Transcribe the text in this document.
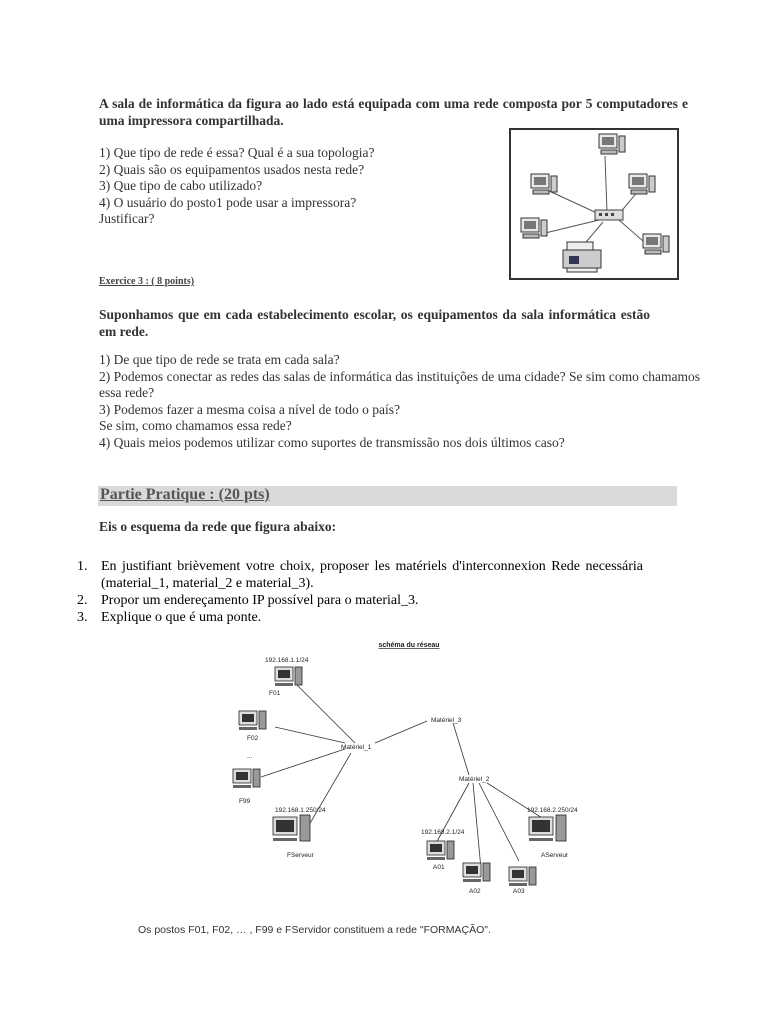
A sala de informática da figura ao lado está equipada com uma rede composta por 5 computadores e uma impressora compartilhada.
1) Que tipo de rede é essa? Qual é a sua topologia?
2) Quais são os equipamentos usados nesta rede?
3) Que tipo de cabo utilizado?
4) O usuário do posto1 pode usar a impressora?
Justificar?
Exercice 3 : ( 8 points)
Suponhamos que em cada estabelecimento escolar, os equipamentos da sala informática estão em rede.
1) De que tipo de rede se trata em cada sala?
2) Podemos conectar as redes das salas de informática das instituições de uma cidade? Se sim como chamamos essa rede?
3) Podemos fazer a mesma coisa a nível de todo o país?
Se sim, como chamamos essa rede?
4) Quais meios podemos utilizar como suportes de transmissão nos dois últimos caso?
Partie Pratique : (20 pts)
Eis o esquema da rede que figura abaixo:
1. En justifiant brièvement votre choix, proposer les matériels d'interconnexion Rede necessária (material_1, material_2 e material_3).
2. Propor um endereçamento IP possível para o material_3.
3. Explique o que é uma ponte.
schéma du réseau
192.168.1.1/24
F01
F02
...
F99
192.168.1.250/24
FServeur
Matériel_1
Matériel_3
Matériel_2
192.168.2.250/24
AServeur
192.168.2.1/24
A01
A02	A03
Os postos F01, F02, … , F99 e FServidor constituem a rede "FORMAÇÃO".
